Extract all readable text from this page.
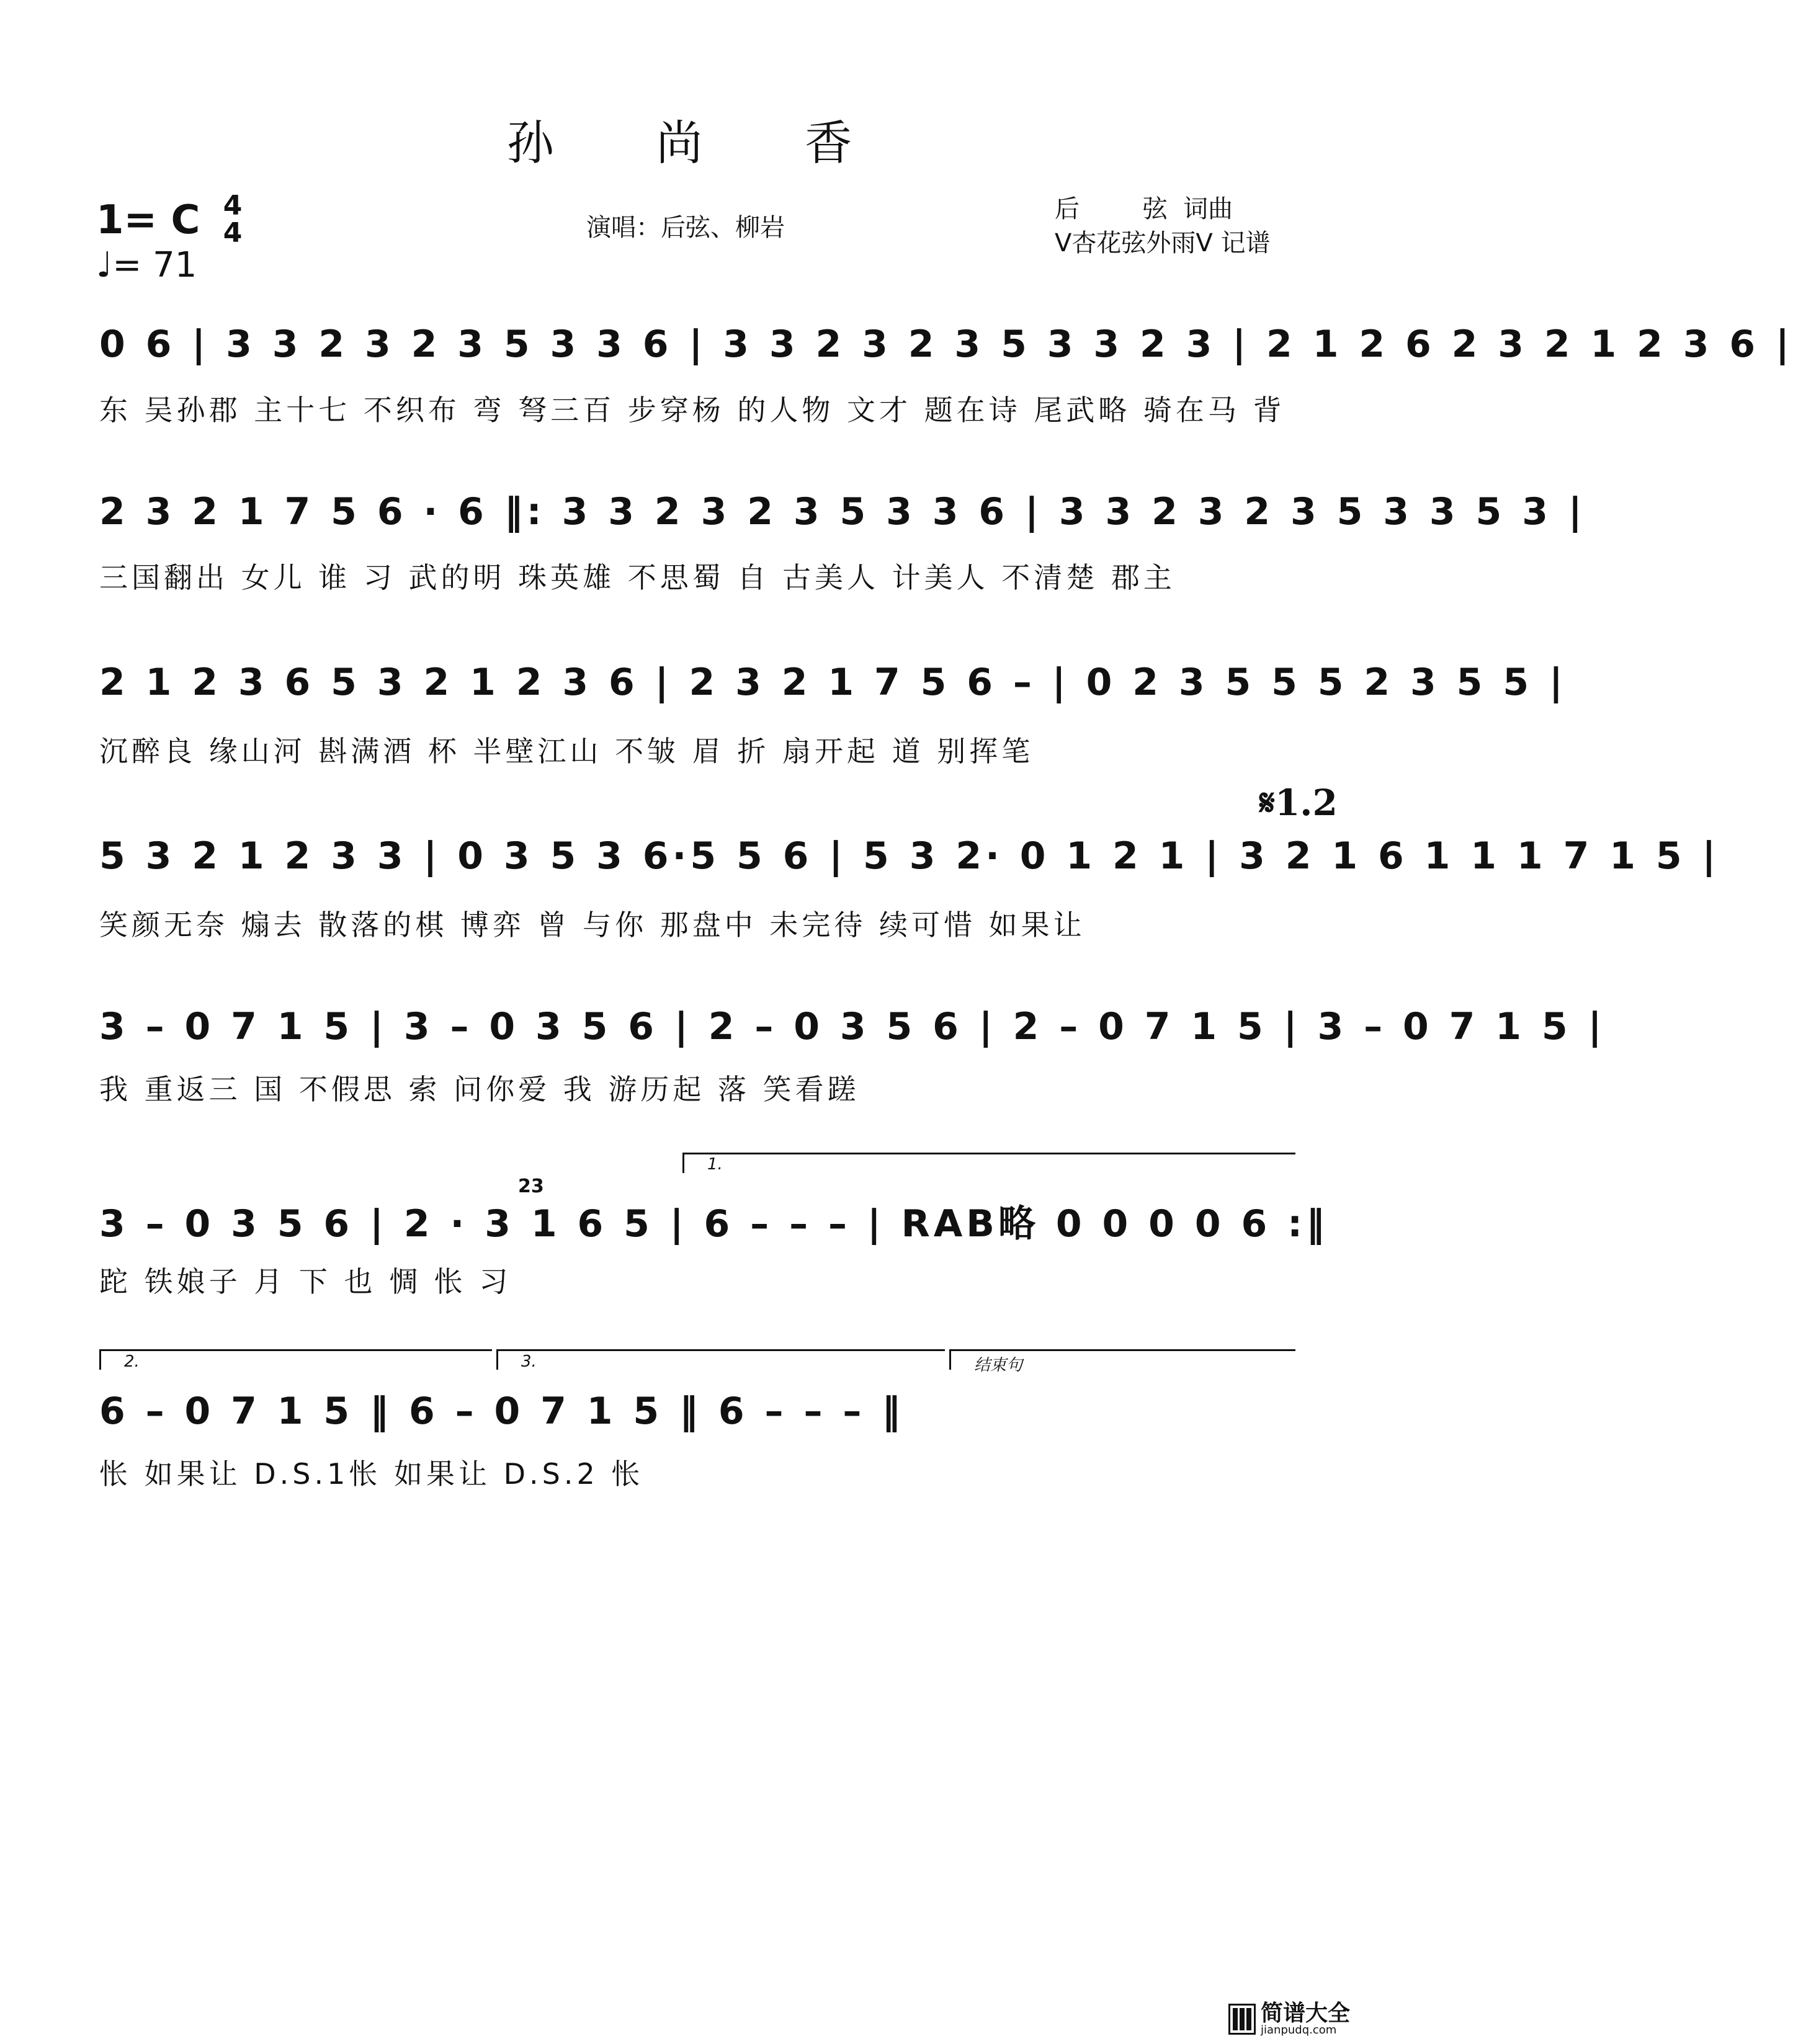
孙 尚 香
1= C 4
4
♩= 71
演唱：后弦、柳岩
后        弦  词曲
V杏花弦外雨V 记谱
0 6 | 3 3 2 3 2 3 5 3 3 6 | 3 3 2 3 2 3 5 3 3 2 3 | 2 1 2 6 2 3 2 1 2 3 6 |
东 吴孙郡 主十七 不织布 弯 弩三百 步穿杨 的人物 文才 题在诗 尾武略 骑在马 背
2 3 2 1 7 5 6 · 6 ‖: 3 3 2 3 2 3 5 3 3 6 | 3 3 2 3 2 3 5 3 3 5 3 |
三国翻出 女儿 谁 习 武的明 珠英雄 不思蜀 自 古美人 计美人 不清楚 郡主
2 1 2 3 6 5 3 2 1 2 3 6 | 2 3 2 1 7 5 6 – | 0 2 3 5 5 5 2 3 5 5 |
沉醉良 缘山河 斟满酒 杯 半壁江山 不皱 眉 折 扇开起 道 别挥笔
𝄋1.2
5 3 2 1 2 3 3 | 0 3 5 3 6·5 5 6 | 5 3 2· 0 1 2 1 | 3 2 1 6 1 1 1 7 1 5 |
笑颜无奈 煽去 散落的棋 博弈 曾 与你 那盘中 未完待 续可惜 如果让
3 – 0 7 1 5 | 3 – 0 3 5 6 | 2 – 0 3 5 6 | 2 – 0 7 1 5 | 3 – 0 7 1 5 |
我 重返三 国 不假思 索 问你爱 我 游历起 落 笑看蹉
1.
23
3 – 0 3 5 6 | 2 · 3 1 6 5 | 6 – – – | RAB略 0 0 0 0 6 :‖
跎 铁娘子 月 下 也 惆 怅 习
2.	3.	结束句
6 – 0 7 1 5 ‖ 6 – 0 7 1 5 ‖ 6 – – – ‖
怅 如果让 D.S.1怅 如果让 D.S.2 怅
简谱大全
jianpudq.com
